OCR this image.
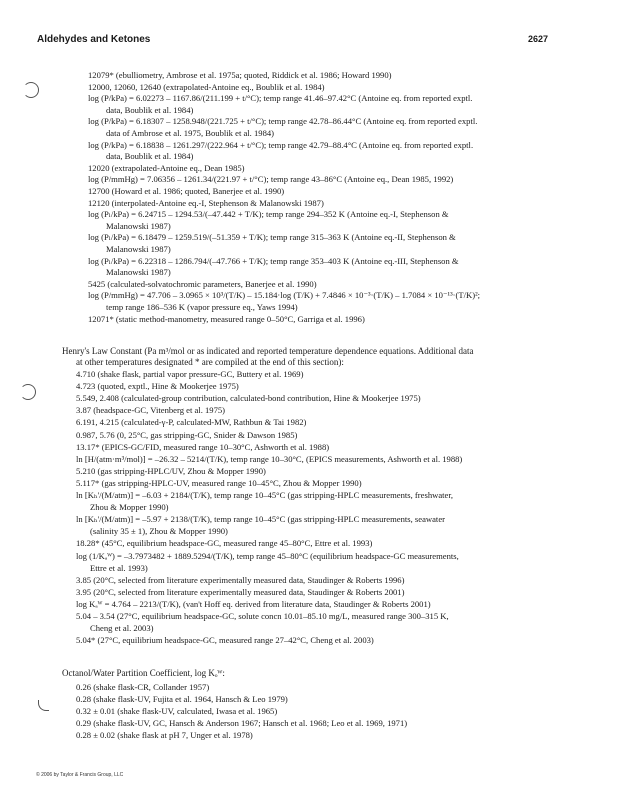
Aldehydes and Ketones	2627
12079* (ebulliometry, Ambrose et al. 1975a; quoted, Riddick et al. 1986; Howard 1990)
12000, 12060, 12640 (extrapolated-Antoine eq., Boublik et al. 1984)
log (P/kPa) = 6.02273 – 1167.86/(211.199 + t/°C); temp range 41.46–97.42°C (Antoine eq. from reported exptl.
data, Boublik et al. 1984)
log (P/kPa) = 6.18307 – 1258.948/(221.725 + t/°C); temp range 42.78–86.44°C (Antoine eq. from reported exptl.
data of Ambrose et al. 1975, Boublik et al. 1984)
log (P/kPa) = 6.18838 – 1261.297/(222.964 + t/°C); temp range 42.79–88.4°C (Antoine eq. from reported exptl.
data, Boublik et al. 1984)
12020 (extrapolated-Antoine eq., Dean 1985)
log (P/mmHg) = 7.06356 – 1261.34/(221.97 + t/°C); temp range 43–86°C (Antoine eq., Dean 1985, 1992)
12700 (Howard et al. 1986; quoted, Banerjee et al. 1990)
12120 (interpolated-Antoine eq.-I, Stephenson & Malanowski 1987)
log (Pₗ/kPa) = 6.24715 – 1294.53/(–47.442 + T/K); temp range 294–352 K (Antoine eq.-I, Stephenson &
Malanowski 1987)
log (Pₗ/kPa) = 6.18479 – 1259.519/(–51.359 + T/K); temp range 315–363 K (Antoine eq.-II, Stephenson &
Malanowski 1987)
log (Pₗ/kPa) = 6.22318 – 1286.794/(–47.766 + T/K); temp range 353–403 K (Antoine eq.-III, Stephenson &
Malanowski 1987)
5425 (calculated-solvatochromic parameters, Banerjee et al. 1990)
log (P/mmHg) = 47.706 – 3.0965 × 10³/(T/K) – 15.184·log (T/K) + 7.4846 × 10⁻³·(T/K) – 1.7084 × 10⁻¹³·(T/K)²;
temp range 186–536 K (vapor pressure eq., Yaws 1994)
12071* (static method-manometry, measured range 0–50°C, Garriga et al. 1996)
Henry's Law Constant (Pa m³/mol or as indicated and reported temperature dependence equations. Additional data
at other temperatures designated * are compiled at the end of this section):
4.710 (shake flask, partial vapor pressure-GC, Buttery et al. 1969)
4.723 (quoted, exptl., Hine & Mookerjee 1975)
5.549, 2.408 (calculated-group contribution, calculated-bond contribution, Hine & Mookerjee 1975)
3.87 (headspace-GC, Vitenberg et al. 1975)
6.191, 4.215 (calculated-γ-P, calculated-MW, Rathbun & Tai 1982)
0.987, 5.76 (0, 25°C, gas stripping-GC, Snider & Dawson 1985)
13.17* (EPICS-GC/FID, measured range 10–30°C, Ashworth et al. 1988)
ln [H/(atm·m³/mol)] = –26.32 – 5214/(T/K), temp range 10–30°C, (EPICS measurements, Ashworth et al. 1988)
5.210 (gas stripping-HPLC/UV, Zhou & Mopper 1990)
5.117* (gas stripping-HPLC-UV, measured range 10–45°C, Zhou & Mopper 1990)
ln [Kₕ'/(M/atm)] = –6.03 + 2184/(T/K), temp range 10–45°C (gas stripping-HPLC measurements, freshwater,
Zhou & Mopper 1990)
ln [Kₕ'/(M/atm)] = –5.97 + 2138/(T/K), temp range 10–45°C (gas stripping-HPLC measurements, seawater
(salinity 35 ± 1), Zhou & Mopper 1990)
18.28* (45°C, equilibrium headspace-GC, measured range 45–80°C, Ettre et al. 1993)
log (1/Kₐᵂ) = –3.7973482 + 1889.5294/(T/K), temp range 45–80°C (equilibrium headspace-GC measurements,
Ettre et al. 1993)
3.85 (20°C, selected from literature experimentally measured data, Staudinger & Roberts 1996)
3.95 (20°C, selected from literature experimentally measured data, Staudinger & Roberts 2001)
log Kₐᵂ = 4.764 – 2213/(T/K), (van't Hoff eq. derived from literature data, Staudinger & Roberts 2001)
5.04 – 3.54 (27°C, equilibrium headspace-GC, solute concn 10.01–85.10 mg/L, measured range 300–315 K,
Cheng et al. 2003)
5.04* (27°C, equilibrium headspace-GC, measured range 27–42°C, Cheng et al. 2003)
Octanol/Water Partition Coefficient, log Kₒᵂ:
0.26 (shake flask-CR, Collander 1957)
0.28 (shake flask-UV, Fujita et al. 1964, Hansch & Leo 1979)
0.32 ± 0.01 (shake flask-UV, calculated, Iwasa et al. 1965)
0.29 (shake flask-UV, GC, Hansch & Anderson 1967; Hansch et al. 1968; Leo et al. 1969, 1971)
0.28 ± 0.02 (shake flask at pH 7, Unger et al. 1978)
© 2006 by Taylor & Francis Group, LLC
